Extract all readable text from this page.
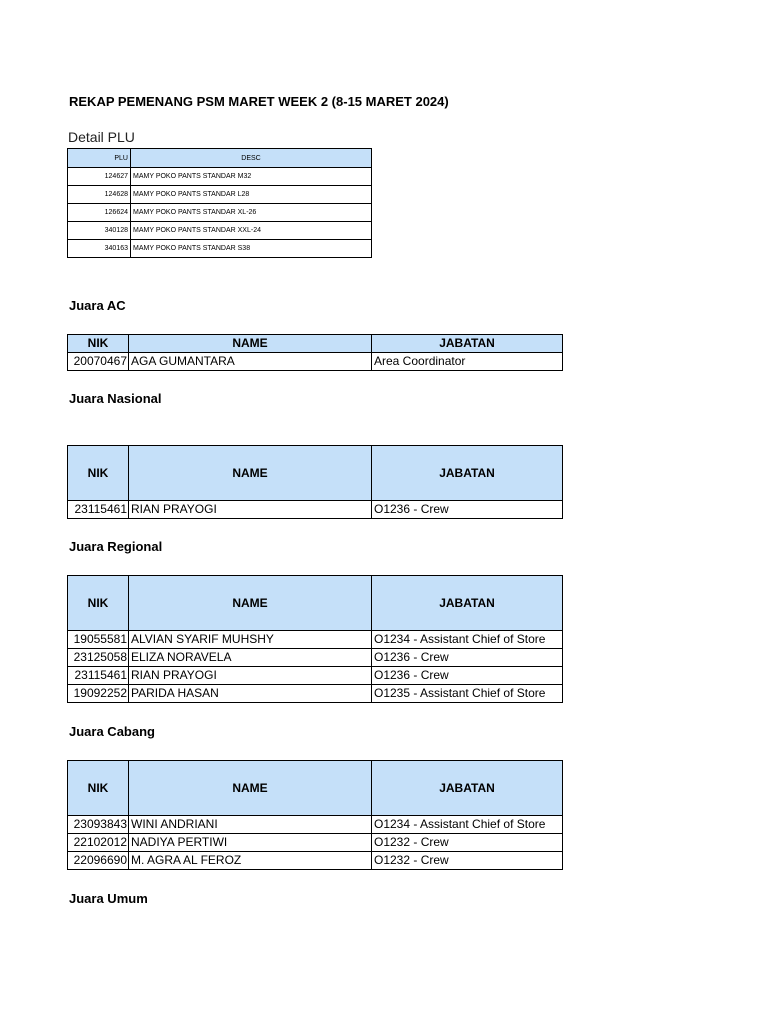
REKAP PEMENANG PSM MARET WEEK 2 (8-15 MARET 2024)
Detail PLU
PLU	DESC
124627	MAMY POKO PANTS STANDAR M32
124628	MAMY POKO PANTS STANDAR L28
126624	MAMY POKO PANTS STANDAR XL-26
340128	MAMY POKO PANTS STANDAR XXL-24
340163	MAMY POKO PANTS STANDAR S38
Juara AC
NIK	NAME	JABATAN
20070467	AGA GUMANTARA	Area Coordinator
Juara Nasional
NIK	NAME	JABATAN
23115461	RIAN PRAYOGI	O1236 - Crew
Juara Regional
NIK	NAME	JABATAN
19055581	ALVIAN SYARIF MUHSHY	O1234 - Assistant Chief of Store
23125058	ELIZA NORAVELA	O1236 - Crew
23115461	RIAN PRAYOGI	O1236 - Crew
19092252	PARIDA HASAN	O1235 - Assistant Chief of Store
Juara Cabang
NIK	NAME	JABATAN
23093843	WINI ANDRIANI	O1234 - Assistant Chief of Store
22102012	NADIYA PERTIWI	O1232 - Crew
22096690	M. AGRA AL FEROZ	O1232 - Crew
Juara Umum
